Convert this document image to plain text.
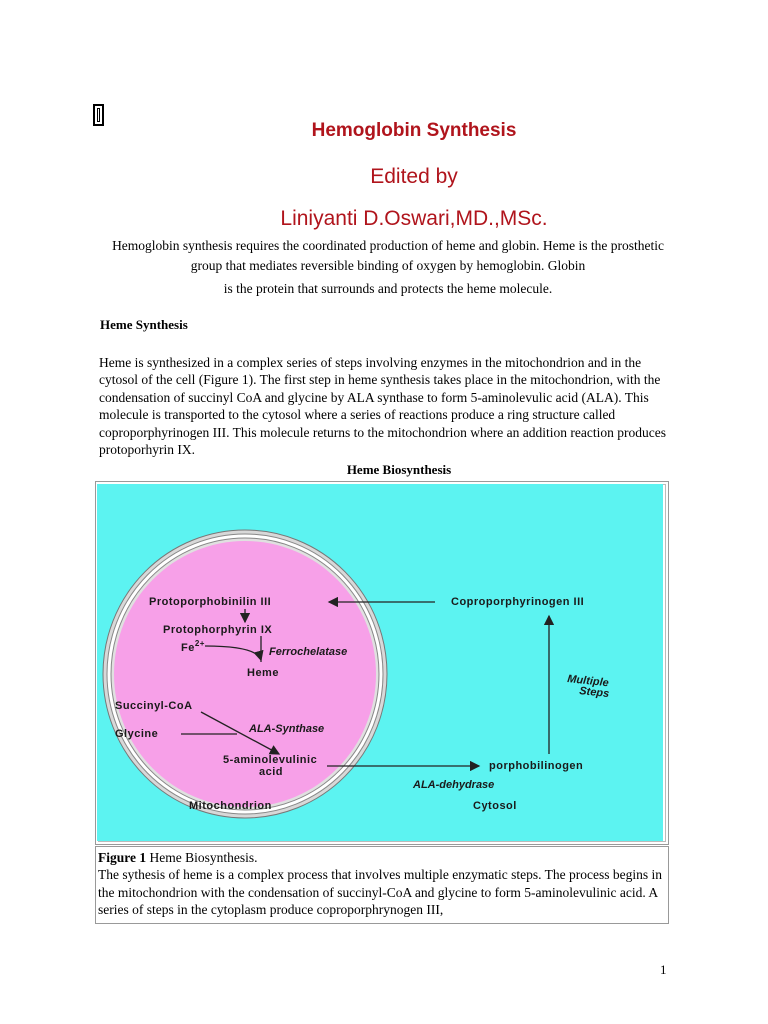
Hemoglobin Synthesis
Edited by
Liniyanti D.Oswari,MD.,MSc.
Hemoglobin synthesis requires the coordinated production of heme and globin. Heme is the prosthetic group that mediates reversible binding of oxygen by hemoglobin. Globin
is the protein that surrounds and protects the heme molecule.
Heme Synthesis
Heme is synthesized in a complex series of steps involving enzymes in the mitochondrion and in the cytosol of the cell (Figure 1). The first step in heme synthesis takes place in the mitochondrion, with the condensation of succinyl CoA and glycine by ALA synthase to form 5-aminolevulic acid (ALA). This molecule is transported to the cytosol where a series of reactions produce a ring structure called coproporphyrinogen III. This molecule returns to the mitochondrion where an addition reaction produces protoporhyrin IX.
Heme Biosynthesis
Protoporphobinilin III
Protophorphyrin IX
$Fe^{2+}$
Ferrochelatase
Heme
Succinyl-CoA
ALA-Synthase
Glycine
5-aminolevulinic
acid
Mitochondrion
Coproporphyrinogen III
Multiple
Steps
porphobilinogen
ALA-dehydrase
Cytosol
Figure 1 Heme Biosynthesis.
The sythesis of heme is a complex process that involves multiple enzymatic steps. The process begins in the mitochondrion with the condensation of succinyl-CoA and glycine to form 5-aminolevulinic acid. A series of steps in the cytoplasm produce coproporphrynogen III,
1
